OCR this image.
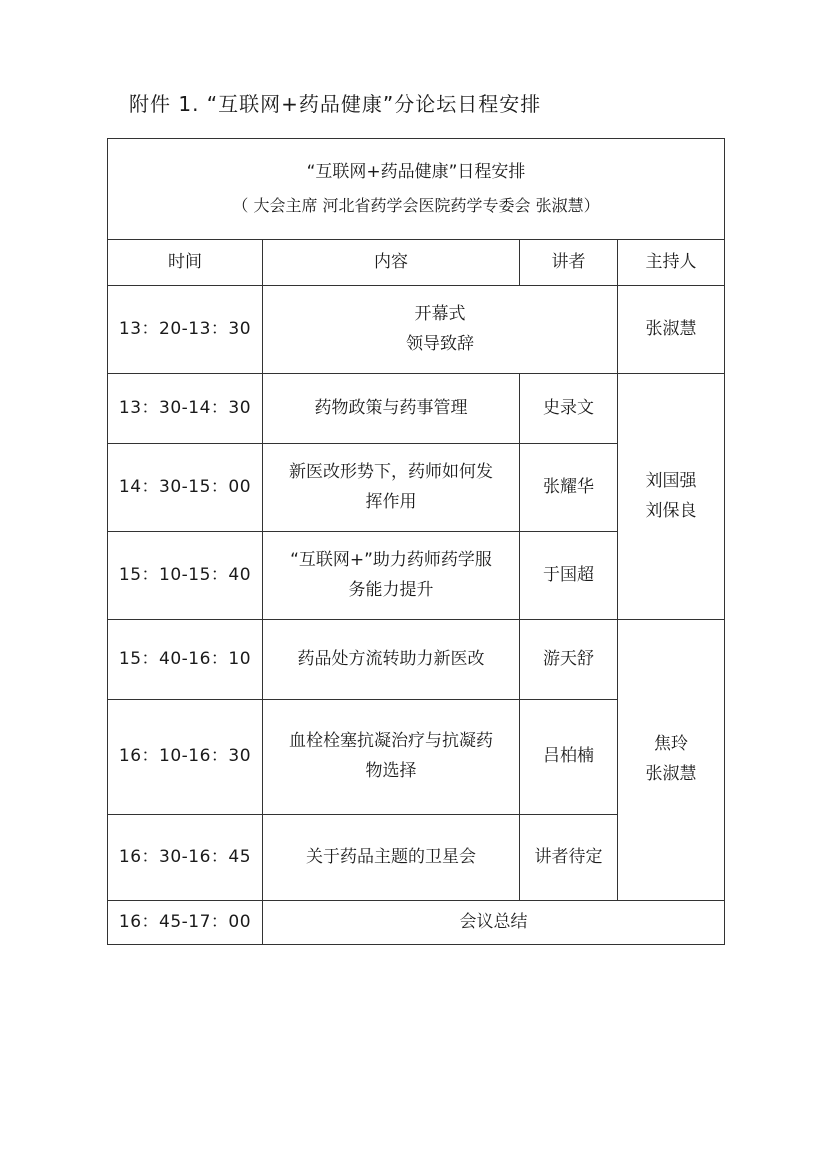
附件 1. “互联网+药品健康”分论坛日程安排
“互联网+药品健康”日程安排
（ 大会主席 河北省药学会医院药学专委会 张淑慧）			

时间	内容	讲者	主持人
13：20-13：30	开幕式
领导致辞		张淑慧

13：30-14：30	药物政策与药事管理	史录文	刘国强
刘保良

14：30-15：00	新医改形势下，药师如何发
挥作用	张耀华	
15：10-15：40	“互联网+”助力药师药学服
务能力提升	于国超	
15：40-16：10	药品处方流转助力新医改	游天舒	焦玲
张淑慧

16：10-16：30	血栓栓塞抗凝治疗与抗凝药
物选择	吕柏楠	
16：30-16：45	关于药品主题的卫星会	讲者待定	
16：45-17：00	会议总结		
